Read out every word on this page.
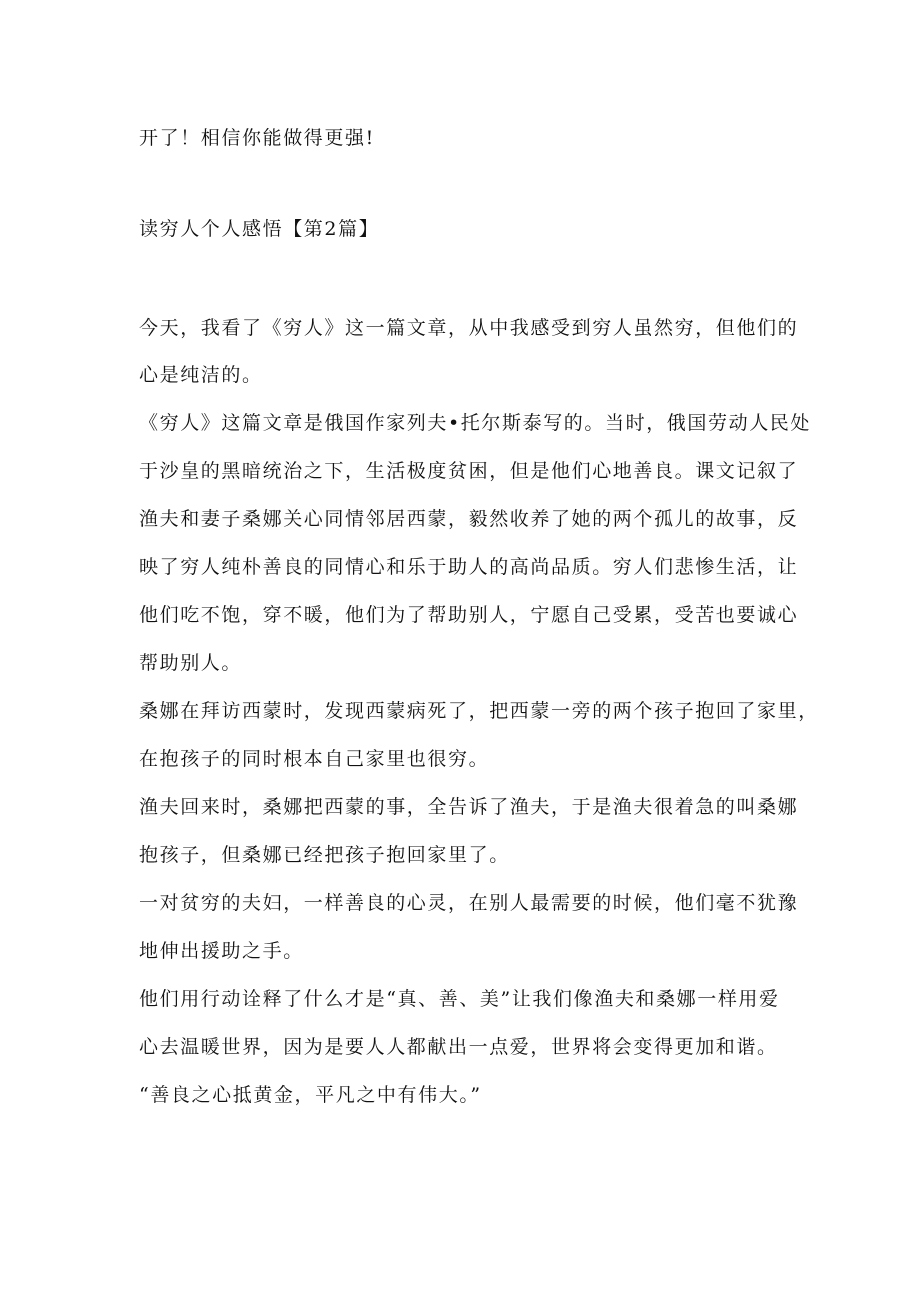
开了！相信你能做得更强!
读穷人个人感悟【第2篇】
今天，我看了《穷人》这一篇文章，从中我感受到穷人虽然穷，但他们的
心是纯洁的。
《穷人》这篇文章是俄国作家列夫•托尔斯泰写的。当时，俄国劳动人民处
于沙皇的黑暗统治之下，生活极度贫困，但是他们心地善良。课文记叙了
渔夫和妻子桑娜关心同情邻居西蒙，毅然收养了她的两个孤儿的故事，反
映了穷人纯朴善良的同情心和乐于助人的高尚品质。穷人们悲惨生活，让
他们吃不饱，穿不暖，他们为了帮助别人，宁愿自己受累，受苦也要诚心
帮助别人。
桑娜在拜访西蒙时，发现西蒙病死了，把西蒙一旁的两个孩子抱回了家里，
在抱孩子的同时根本自己家里也很穷。
渔夫回来时，桑娜把西蒙的事，全告诉了渔夫，于是渔夫很着急的叫桑娜
抱孩子，但桑娜已经把孩子抱回家里了。
一对贫穷的夫妇，一样善良的心灵，在别人最需要的时候，他们毫不犹豫
地伸出援助之手。
他们用行动诠释了什么才是“真、善、美”让我们像渔夫和桑娜一样用爱
心去温暖世界，因为是要人人都献出一点爱，世界将会变得更加和谐。
“善良之心抵黄金，平凡之中有伟大。”
